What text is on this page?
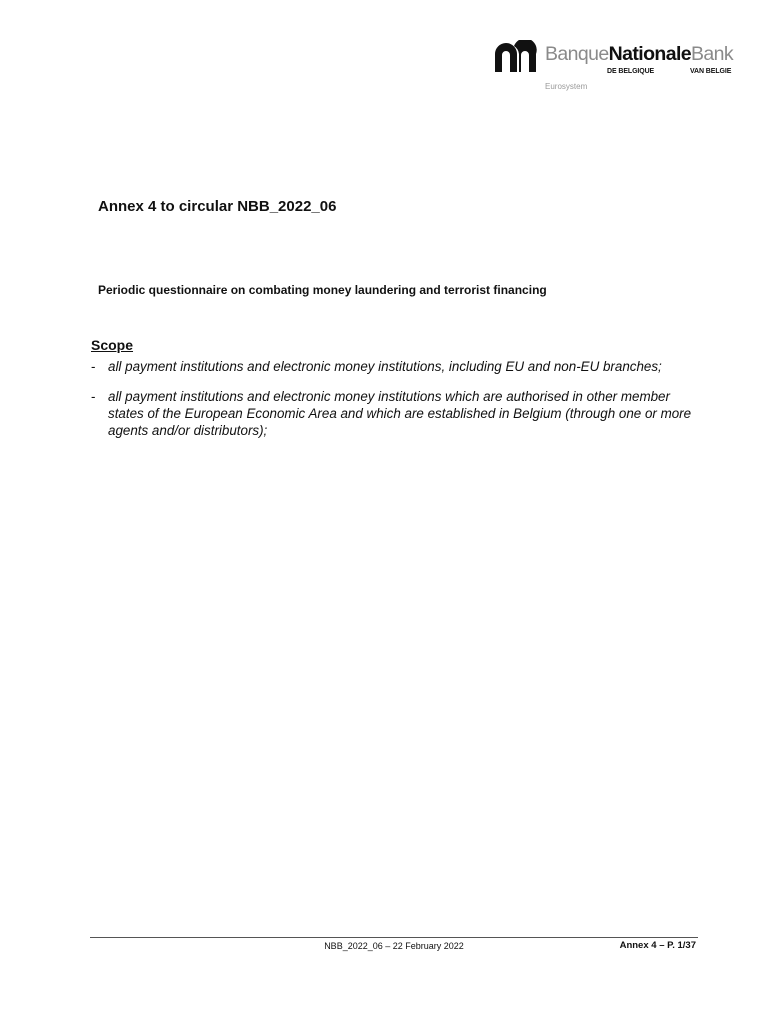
BanqueNationaleBank
DE BELGIQUE	VAN BELGIE
Eurosystem
Annex 4 to circular NBB_2022_06
Periodic questionnaire on combating money laundering and terrorist financing
Scope
- all payment institutions and electronic money institutions, including EU and non-EU branches;
- all payment institutions and electronic money institutions which are authorised in other member states of the European Economic Area and which are established in Belgium (through one or more agents and/or distributors);
NBB_2022_06 – 22 February 2022	Annex 4 – P. 1/37
